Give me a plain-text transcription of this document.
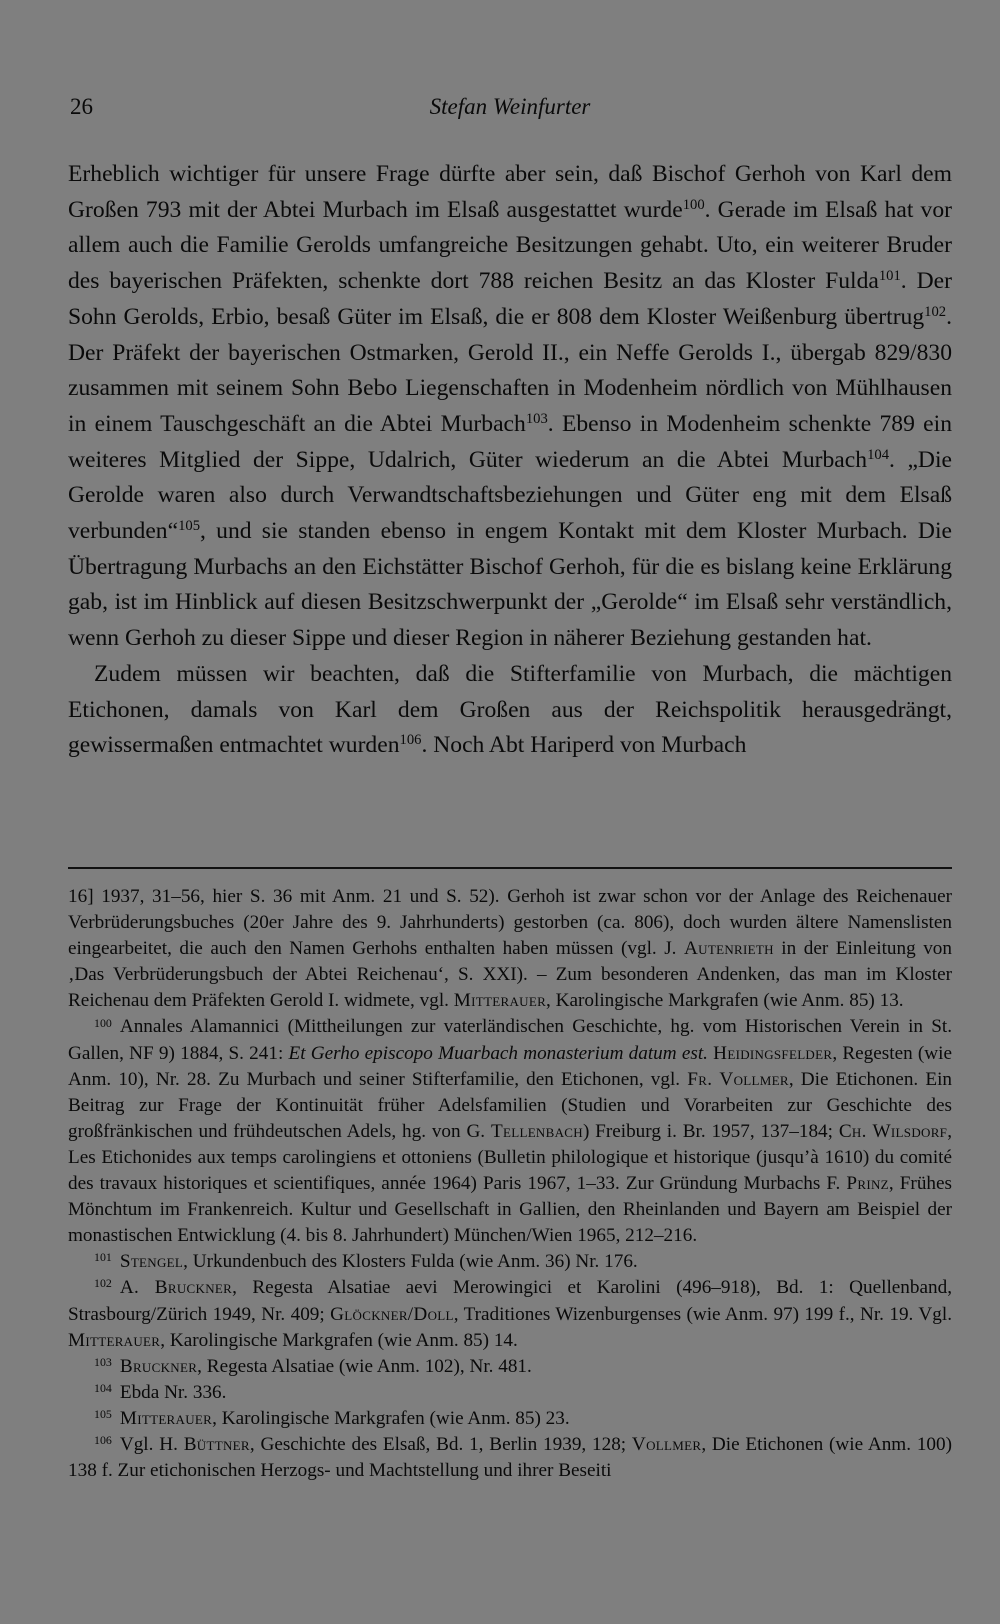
26	Stefan Weinfurter

Erheblich wichtiger für unsere Frage dürfte aber sein, daß Bischof Gerhoh von Karl dem Großen 793 mit der Abtei Murbach im Elsaß ausgestattet wurde$^{100}$. Gerade im Elsaß hat vor allem auch die Familie Gerolds umfangreiche Besitzungen gehabt. Uto, ein weiterer Bruder des bayerischen Präfekten, schenkte dort 788 reichen Besitz an das Kloster Fulda$^{101}$. Der Sohn Gerolds, Erbio, besaß Güter im Elsaß, die er 808 dem Kloster Weißenburg übertrug$^{102}$. Der Präfekt der bayerischen Ostmarken, Gerold II., ein Neffe Gerolds I., übergab 829/830 zusammen mit seinem Sohn Bebo Liegenschaften in Modenheim nördlich von Mühlhausen in einem Tauschgeschäft an die Abtei Murbach$^{103}$. Ebenso in Modenheim schenkte 789 ein weiteres Mitglied der Sippe, Udalrich, Güter wiederum an die Abtei Murbach$^{104}$. „Die Gerolde waren also durch Verwandtschaftsbeziehungen und Güter eng mit dem Elsaß verbunden“$^{105}$, und sie standen ebenso in engem Kontakt mit dem Kloster Murbach. Die Übertragung Murbachs an den Eichstätter Bischof Gerhoh, für die es bislang keine Erklärung gab, ist im Hinblick auf diesen Besitzschwerpunkt der „Gerolde“ im Elsaß sehr verständlich, wenn Gerhoh zu dieser Sippe und dieser Region in näherer Beziehung gestanden hat.

Zudem müssen wir beachten, daß die Stifterfamilie von Murbach, die mächtigen Etichonen, damals von Karl dem Großen aus der Reichspolitik herausgedrängt, gewissermaßen entmachtet wurden$^{106}$. Noch Abt Hariperd von Murbach

16] 1937, 31–56, hier S. 36 mit Anm. 21 und S. 52). Gerhoh ist zwar schon vor der Anlage des Reichenauer Verbrüderungsbuches (20er Jahre des 9. Jahrhunderts) gestorben (ca. 806), doch wurden ältere Namenslisten eingearbeitet, die auch den Namen Gerhohs enthalten haben müssen (vgl. J. Autenrieth in der Einleitung von ‚Das Verbrüderungsbuch der Abtei Reichenau‘, S. XXI). – Zum besonderen Andenken, das man im Kloster Reichenau dem Präfekten Gerold I. widmete, vgl. Mitterauer, Karolingische Markgrafen (wie Anm. 85) 13.

$^{100}$ Annales Alamannici (Mittheilungen zur vaterländischen Geschichte, hg. vom Historischen Verein in St. Gallen, NF 9) 1884, S. 241: Et Gerho episcopo Muarbach monasterium datum est. Heidingsfelder, Regesten (wie Anm. 10), Nr. 28. Zu Murbach und seiner Stifterfamilie, den Etichonen, vgl. Fr. Vollmer, Die Etichonen. Ein Beitrag zur Frage der Kontinuität früher Adelsfamilien (Studien und Vorarbeiten zur Geschichte des großfränkischen und frühdeutschen Adels, hg. von G. Tellenbach) Freiburg i. Br. 1957, 137–184; Ch. Wilsdorf, Les Etichonides aux temps carolingiens et ottoniens (Bulletin philologique et historique (jusqu’à 1610) du comité des travaux historiques et scientifiques, année 1964) Paris 1967, 1–33. Zur Gründung Murbachs F. Prinz, Frühes Mönchtum im Frankenreich. Kultur und Gesellschaft in Gallien, den Rheinlanden und Bayern am Beispiel der monastischen Entwicklung (4. bis 8. Jahrhundert) München/Wien 1965, 212–216.

$^{101}$ Stengel, Urkundenbuch des Klosters Fulda (wie Anm. 36) Nr. 176.

$^{102}$ A. Bruckner, Regesta Alsatiae aevi Merowingici et Karolini (496–918), Bd. 1: Quellenband, Strasbourg/Zürich 1949, Nr. 409; Glöckner/Doll, Traditiones Wizenburgenses (wie Anm. 97) 199 f., Nr. 19. Vgl. Mitterauer, Karolingische Markgrafen (wie Anm. 85) 14.

$^{103}$ Bruckner, Regesta Alsatiae (wie Anm. 102), Nr. 481.

$^{104}$ Ebda Nr. 336.

$^{105}$ Mitterauer, Karolingische Markgrafen (wie Anm. 85) 23.

$^{106}$ Vgl. H. Büttner, Geschichte des Elsaß, Bd. 1, Berlin 1939, 128; Vollmer, Die Etichonen (wie Anm. 100) 138 f. Zur etichonischen Herzogs- und Machtstellung und ihrer Beseiti
